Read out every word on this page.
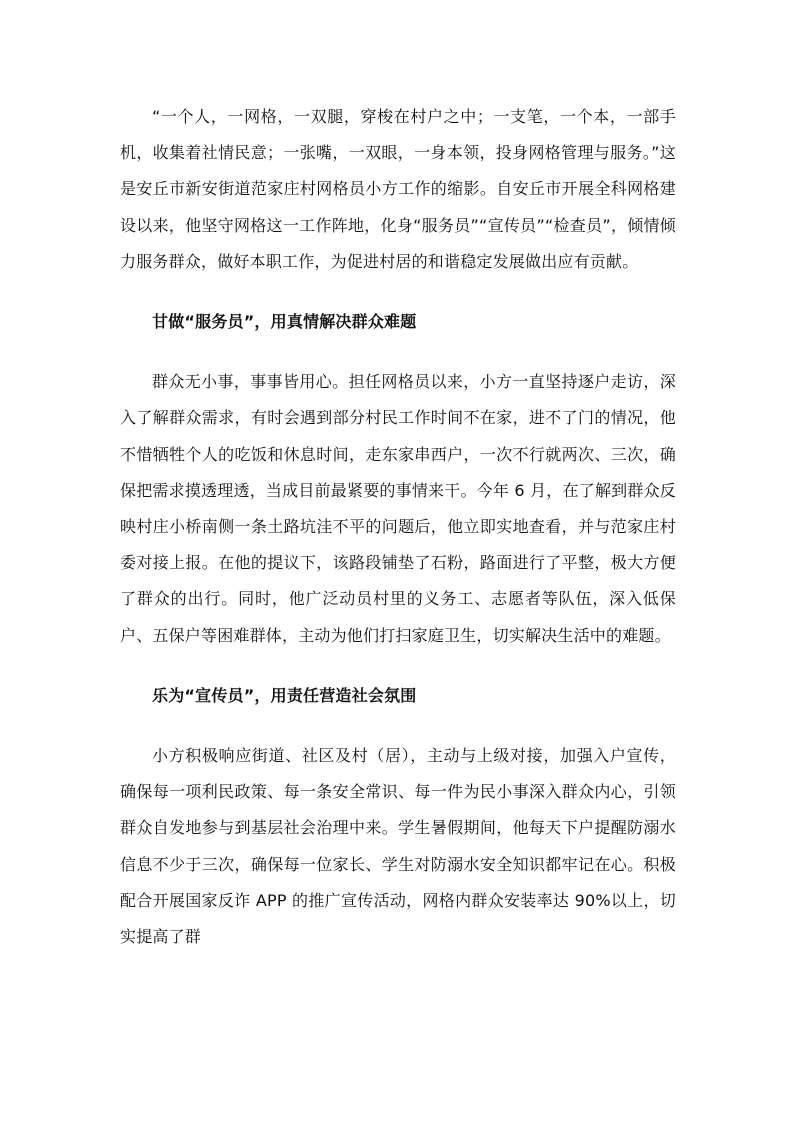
“一个人，一网格，一双腿，穿梭在村户之中；一支笔，一个本，一部手机，收集着社情民意；一张嘴，一双眼，一身本领，投身网格管理与服务。”这是安丘市新安街道范家庄村网格员小方工作的缩影。自安丘市开展全科网格建设以来，他坚守网格这一工作阵地，化身“服务员”“宣传员”“检查员”，倾情倾力服务群众，做好本职工作，为促进村居的和谐稳定发展做出应有贡献。

甘做“服务员”，用真情解决群众难题

群众无小事，事事皆用心。担任网格员以来，小方一直坚持逐户走访，深入了解群众需求，有时会遇到部分村民工作时间不在家，进不了门的情况，他不惜牺牲个人的吃饭和休息时间，走东家串西户，一次不行就两次、三次，确保把需求摸透理透，当成目前最紧要的事情来干。今年 6 月，在了解到群众反映村庄小桥南侧一条土路坑洼不平的问题后，他立即实地查看，并与范家庄村委对接上报。在他的提议下，该路段铺垫了石粉，路面进行了平整，极大方便了群众的出行。同时，他广泛动员村里的义务工、志愿者等队伍，深入低保户、五保户等困难群体，主动为他们打扫家庭卫生，切实解决生活中的难题。

乐为“宣传员”，用责任营造社会氛围

小方积极响应街道、社区及村（居），主动与上级对接，加强入户宣传，确保每一项利民政策、每一条安全常识、每一件为民小事深入群众内心，引领群众自发地参与到基层社会治理中来。学生暑假期间，他每天下户提醒防溺水信息不少于三次，确保每一位家长、学生对防溺水安全知识都牢记在心。积极配合开展国家反诈 APP 的推广宣传活动，网格内群众安装率达 90%以上，切实提高了群
